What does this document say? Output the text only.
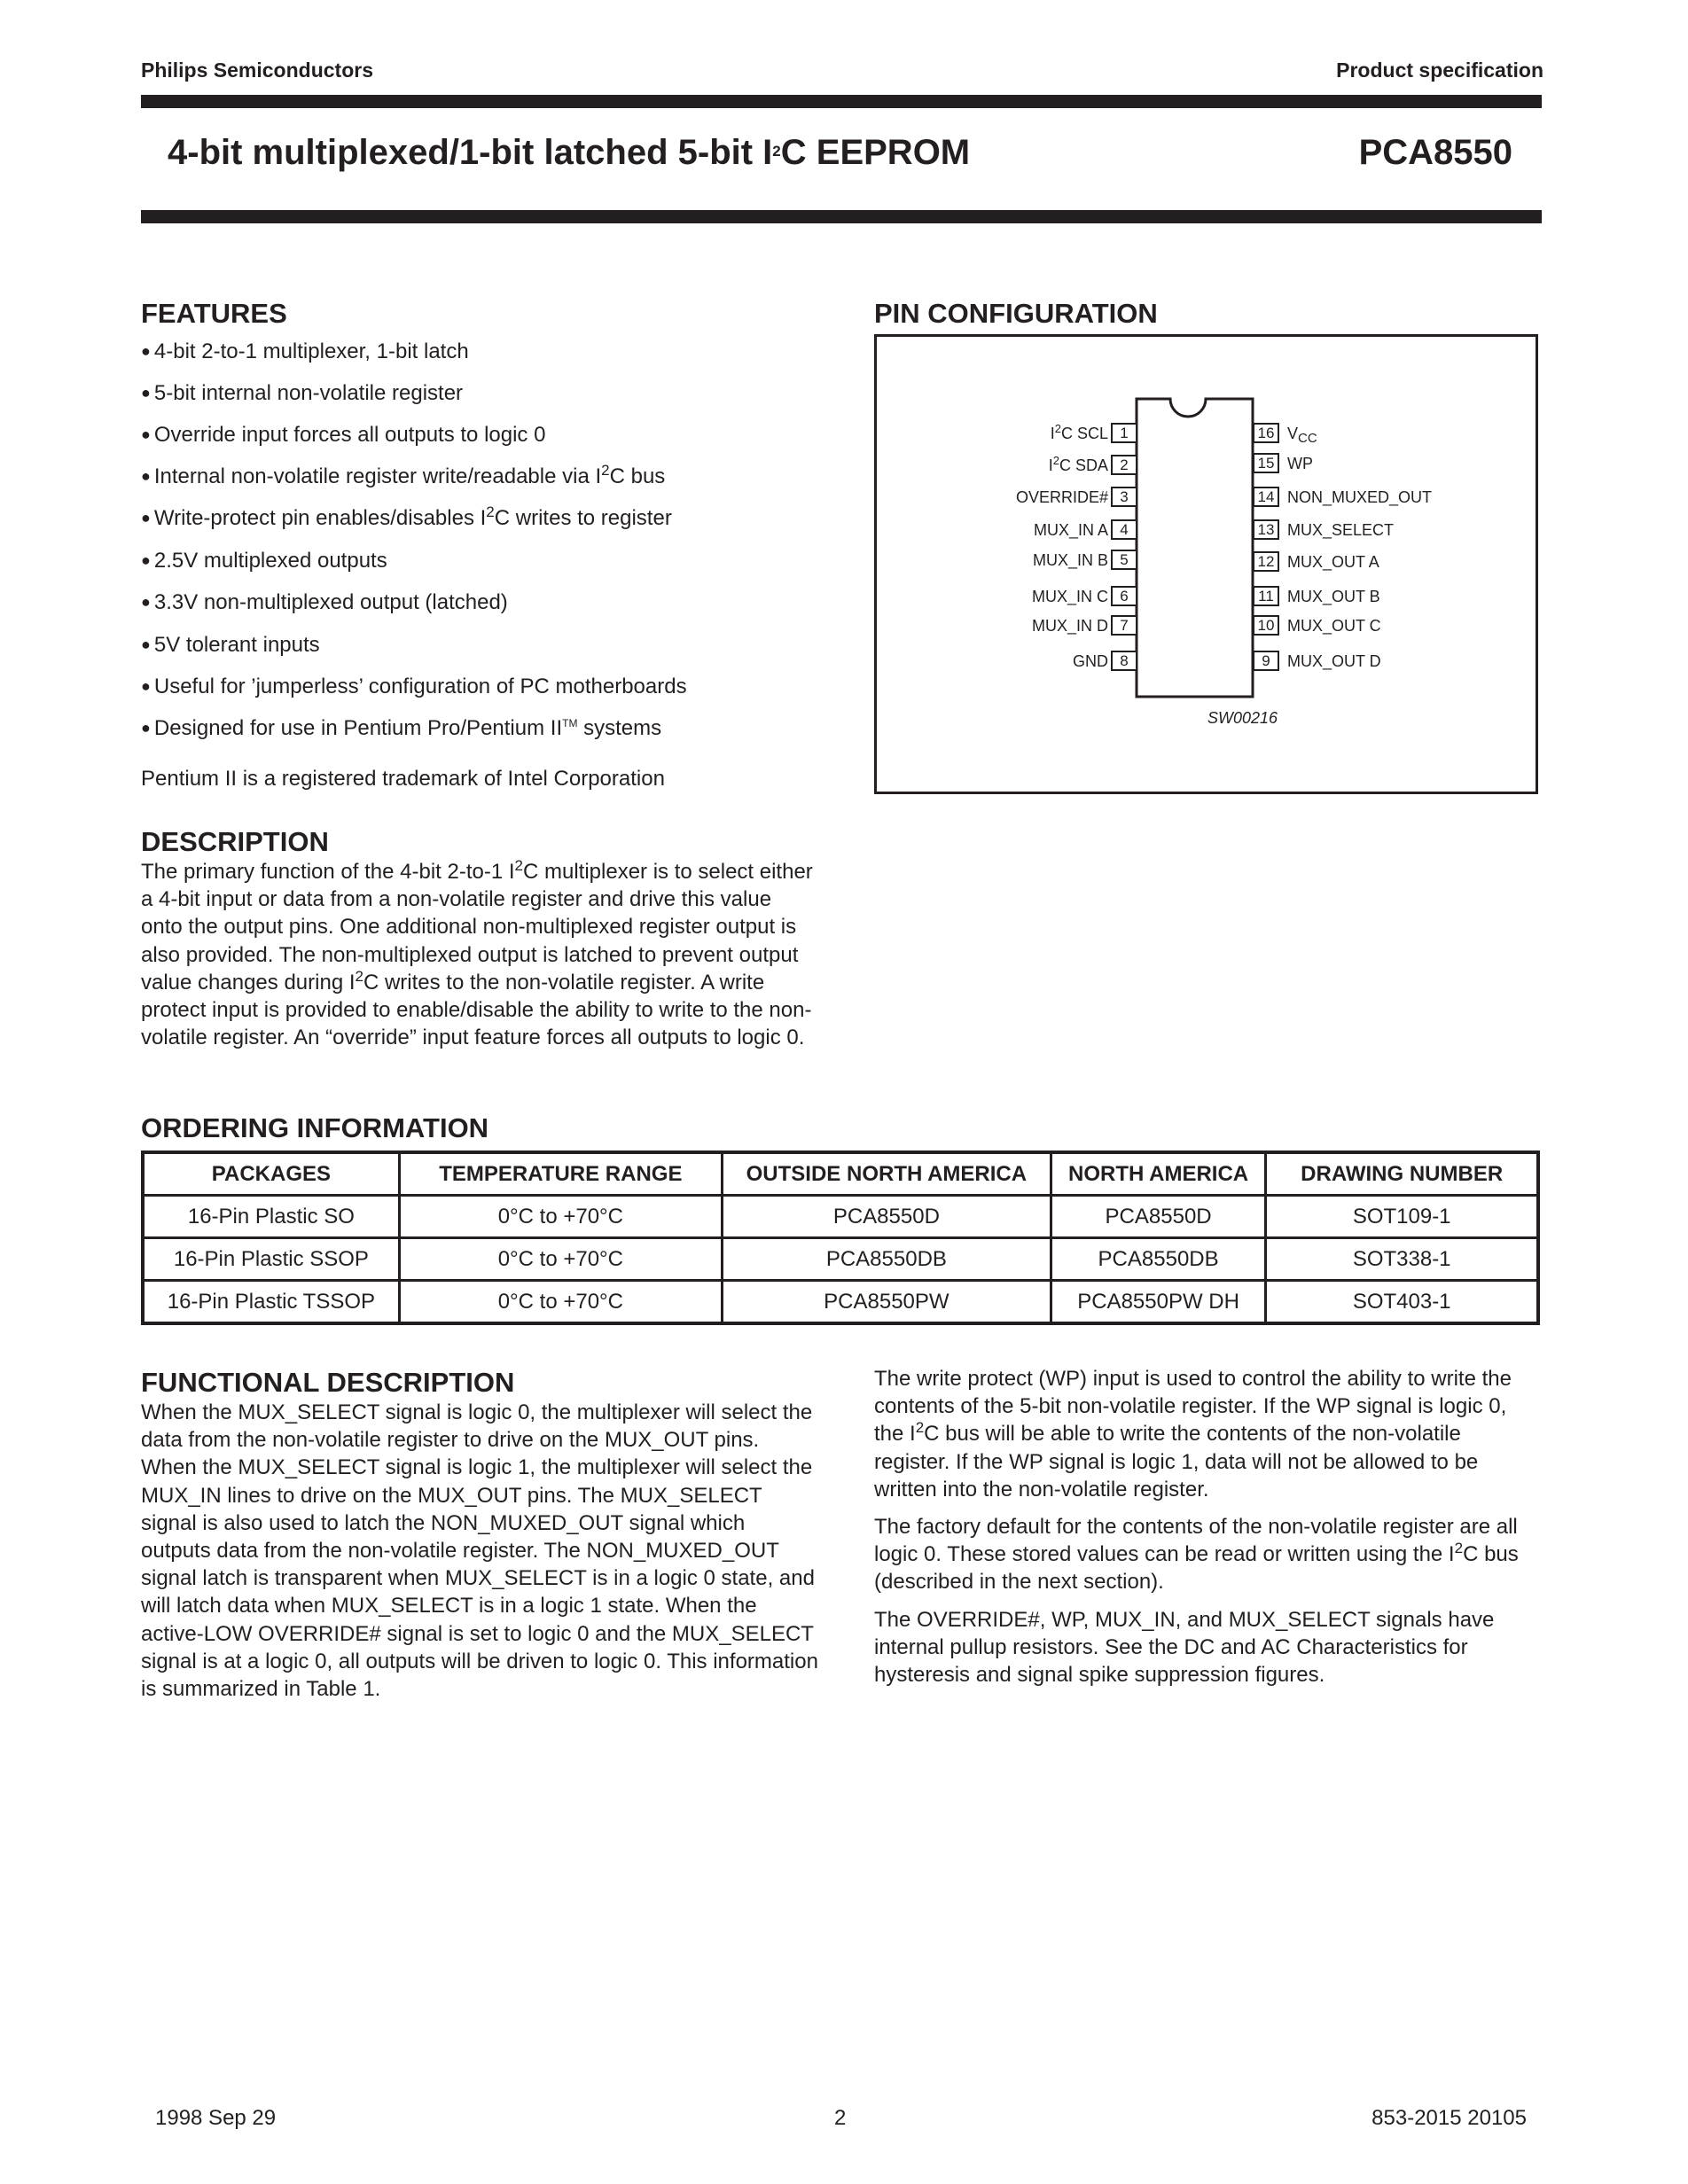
Philips Semiconductors	Product specification
4-bit multiplexed/1-bit latched 5-bit $I^2C$ EEPROM	PCA8550
FEATURES
● 4-bit 2-to-1 multiplexer, 1-bit latch
● 5-bit internal non-volatile register
● Override input forces all outputs to logic 0
● Internal non-volatile register write/readable via $I^2C$ bus
● Write-protect pin enables/disables $I^2C$ writes to register
● 2.5V multiplexed outputs
● 3.3V non-multiplexed output (latched)
● 5V tolerant inputs
● Useful for ’jumperless’ configuration of PC motherboards
● Designed for use in Pentium Pro/Pentium II™ systems
Pentium II is a registered trademark of Intel Corporation
PIN CONFIGURATION
1
$I^2C$ SCL
2
$I^2C$ SDA
3
OVERRIDE#
4
MUX_IN A
5
MUX_IN B
6
MUX_IN C
7
MUX_IN D
8
GND
16 $V_{CC}$
15 WP
14 NON_MUXED_OUT
13 MUX_SELECT
12 MUX_OUT A
11 MUX_OUT B
10 MUX_OUT C
9	MUX_OUT D
SW00216
DESCRIPTION
The primary function of the 4-bit 2-to-1 $I^2C$ multiplexer is to select either a 4-bit input or data from a non-volatile register and drive this value onto the output pins. One additional non-multiplexed register output is also provided. The non-multiplexed output is latched to prevent output value changes during $I^2C$ writes to the non-volatile register. A write protect input is provided to enable/disable the ability to write to the non-volatile register. An “override” input feature forces all outputs to logic 0.
ORDERING INFORMATION
PACKAGES	TEMPERATURE RANGE	OUTSIDE NORTH AMERICA	NORTH AMERICA	DRAWING NUMBER
16-Pin Plastic SO	0°C to +70°C	PCA8550D	PCA8550D	SOT109-1
16-Pin Plastic SSOP	0°C to +70°C	PCA8550DB	PCA8550DB	SOT338-1
16-Pin Plastic TSSOP	0°C to +70°C	PCA8550PW	PCA8550PW DH	SOT403-1
FUNCTIONAL DESCRIPTION
When the MUX_SELECT signal is logic 0, the multiplexer will select the data from the non-volatile register to drive on the MUX_OUT pins. When the MUX_SELECT signal is logic 1, the multiplexer will select the MUX_IN lines to drive on the MUX_OUT pins. The MUX_SELECT signal is also used to latch the NON_MUXED_OUT signal which outputs data from the non-volatile register. The NON_MUXED_OUT signal latch is transparent when MUX_SELECT is in a logic 0 state, and will latch data when MUX_SELECT is in a logic 1 state. When the active-LOW OVERRIDE# signal is set to logic 0 and the MUX_SELECT signal is at a logic 0, all outputs will be driven to logic 0. This information is summarized in Table 1.

The write protect (WP) input is used to control the ability to write the contents of the 5-bit non-volatile register. If the WP signal is logic 0, the $I^2C$ bus will be able to write the contents of the non-volatile register. If the WP signal is logic 1, data will not be allowed to be written into the non-volatile register.

The factory default for the contents of the non-volatile register are all logic 0. These stored values can be read or written using the $I^2C$ bus (described in the next section).

The OVERRIDE#, WP, MUX_IN, and MUX_SELECT signals have internal pullup resistors. See the DC and AC Characteristics for hysteresis and signal spike suppression figures.

1998 Sep 29	2	853-2015 20105
